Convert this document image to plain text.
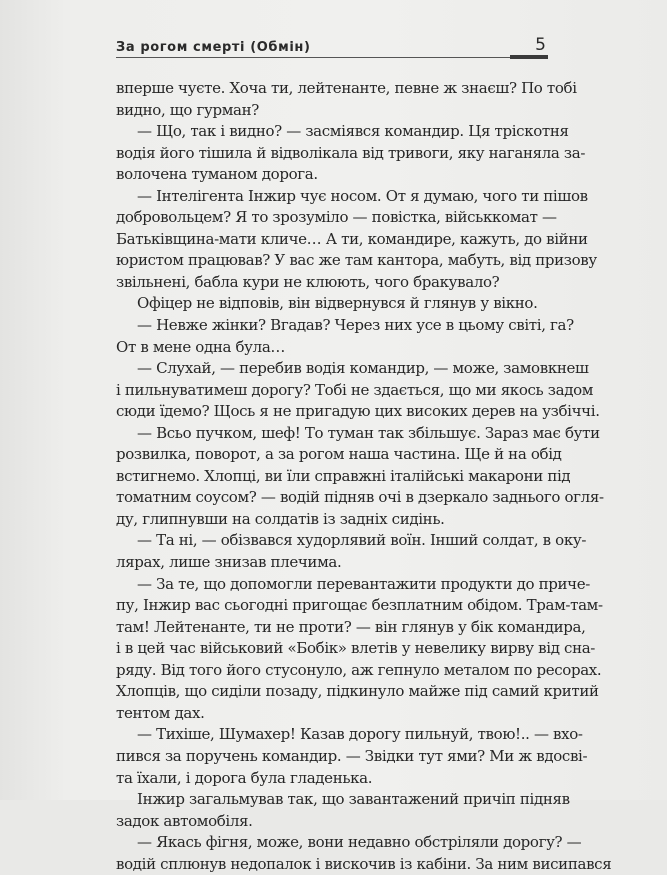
За рогом смерті (Обмін)	5
вперше чуєте. Хоча ти, лейтенанте, певне ж знаєш? По тобі
видно, що гурман?
— Що, так і видно? — засміявся командир. Ця тріскотня
водія його тішила й відволікала від тривоги, яку наганяла за-
волочена туманом дорога.
— Інтелігента Інжир чує носом. От я думаю, чого ти пішов
добровольцем? Я то зрозуміло — повістка, військкомат —
Батьківщина-мати кличе… А ти, командире, кажуть, до війни
юристом працював? У вас же там кантора, мабуть, від призову
звільнені, бабла кури не клюють, чого бракувало?
Офіцер не відповів, він відвернувся й глянув у вікно.
— Невже жінки? Вгадав? Через них усе в цьому світі, га?
От в мене одна була…
— Слухай, — перебив водія командир, — може, замовкнеш
і пильнуватимеш дорогу? Тобі не здається, що ми якось задом
сюди їдемо? Щось я не пригадую цих високих дерев на узбіччі.
— Всьо пучком, шеф! То туман так збільшує. Зараз має бути
розвилка, поворот, а за рогом наша частина. Ще й на обід
встигнемо. Хлопці, ви їли справжні італійські макарони під
томатним соусом? — водій підняв очі в дзеркало заднього огля-
ду, глипнувши на солдатів із задніх сидінь.
— Та ні, — обізвався худорлявий воїн. Інший солдат, в оку-
лярах, лише знизав плечима.
— За те, що допомогли перевантажити продукти до приче-
пу, Інжир вас сьогодні пригощає безплатним обідом. Трам-там-
там! Лейтенанте, ти не проти? — він глянув у бік командира,
і в цей час військовий «Бобік» влетів у невелику вирву від сна-
ряду. Від того його стусонуло, аж гепнуло металом по ресорах.
Хлопців, що сиділи позаду, підкинуло майже під самий критий
тентом дах.
— Тихіше, Шумахер! Казав дорогу пильнуй, твою!.. — вхо-
пився за поручень командир. — Звідки тут ями? Ми ж вдосві-
та їхали, і дорога була гладенька.
Інжир загальмував так, що завантажений причіп підняв
задок автомобіля.
— Якась фігня, може, вони недавно обстріляли дорогу? —
водій сплюнув недопалок і вискочив із кабіни. За ним висипався
